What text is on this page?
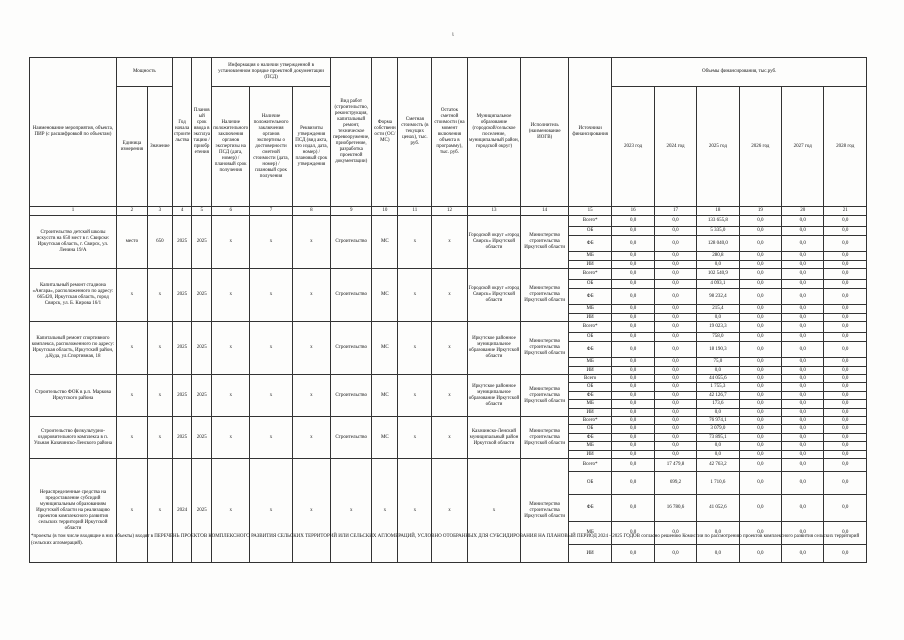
ι
Наименование мероприятия, объекта, ПИР (с расшифровкой по объектам)	Мощность		Год начала строительства	Плановый срок ввода в эксплуатацию / приобретения	Информация о наличии утвержденной в установленном порядке проектной документации (ПСД)			Вид работ (строительство, реконструкция, капитальный ремонт, техническое перевооружение, приобретение, разработка проектной документации)	Форма собственности (ОС/МС)	Сметная стоимость (в текущих ценах), тыс. руб.	Остаток сметной стоимости (на момент включения объекта в программу), тыс. руб.	Муниципальное образование (городской/сельское поселение, муниципальный район, городской округ)	Исполнитель (наименование ИОГВ)	Источники финансирования	Объемы финансирования, тыс.руб.					
	Единица измерения	Значение			Наличие положительного заключения органов экспертизы на ПСД (дата, номер) / плановый срок получения	Наличие положительного заключения органов экспертизы о достоверности сметной стоимости (дата, номер) / плановый срок получения	Реквизиты утверждения ПСД (вид акта, кто издал, дата, номер) / плановый срок утверждения								2023 год	2024 год	2025 год	2026 год	2027 год	2028 год
1	2	3	4	5	6	7	8	9	10	11	12	13	14	15	16	17	18	19	20	21
Строительство детской школы искусств на 650 мест в г. Свирске: Иркутская область, г. Свирск, ул. Ленина 19/А	место	650	2025	2025	x	x	x	Строительство	МС	x	x	Городской округ «город Свирск» Иркутской области	Министерство строительства Иркутской области	Всего*	0,0	0,0	133 655,8	0,0	0,0	0,0
														ОБ	0,0	0,0	5 335,0	0,0	0,0	0,0
														ФБ	0,0	0,0	128 040,0	0,0	0,0	0,0
														МБ	0,0	0,0	280,8	0,0	0,0	0,0
														ИИ	0,0	0,0	0,0	0,0	0,0	0,0
Капитальный ремонт стадиона «Ангара», расположенного по адресу: 665420, Иркутская область, город Свирск, ул. Б. Кирова 16/1	x	x	2025	2025	x	x	x	Строительство	МС	x	x	Городской округ «город Свирск» Иркутской области	Министерство строительства Иркутской области	Всего*	0,0	0,0	102 540,9	0,0	0,0	0,0
														ОБ	0,0	0,0	4 093,1	0,0	0,0	0,0
														ФБ	0,0	0,0	98 232,4	0,0	0,0	0,0
														МБ	0,0	0,0	215,4	0,0	0,0	0,0
														ИИ	0,0	0,0	0,0	0,0	0,0	0,0
Капитальный ремонт спортивного комплекса, расположенного по адресу: Иркутская область, Иркутский район, д.Куда, ул.Спортивная, 18	x	x	2025	2025	x	x	x	Строительство	МС	x	x	Иркутское районное муниципальное образование Иркутской области	Министерство строительства Иркутской области	Всего*	0,0	0,0	19 023,3	0,0	0,0	0,0
														ОБ	0,0	0,0	758,0	0,0	0,0	0,0
														ФБ	0,0	0,0	18 190,3	0,0	0,0	0,0
														МБ	0,0	0,0	75,0	0,0	0,0	0,0
														ИИ	0,0	0,0	0,0	0,0	0,0	0,0
Строительство ФОК в р.п. Маркова Иркутского района	x	x	2025	2025	x	x	x	Строительство	МС	x	x	Иркутское районное муниципальное образование Иркутской области	Министерство строительства Иркутской области	Всего	0,0	0,0	44 055,6	0,0	0,0	0,0
														ОБ	0,0	0,0	1 755,3	0,0	0,0	0,0
														ФБ	0,0	0,0	42 126,7	0,0	0,0	0,0
														МБ	0,0	0,0	173,6	0,0	0,0	0,0
														ИИ	0,0	0,0	0,0	0,0	0,0	0,0
Строительство физкультурно-оздоровительного комплекса в п. Ульнан Казачинско-Ленского района	x	x	2025	2025	x	x	x	Строительство	МС	x	x	Казачинско-Ленский муниципальный район Иркутской области	Министерство строительства Иркутской области	Всего*	0,0	0,0	76 974,1	0,0	0,0	0,0
														ОБ	0,0	0,0	3 079,0	0,0	0,0	0,0
														ФБ	0,0	0,0	73 895,1	0,0	0,0	0,0
														МБ	0,0	0,0	0,0	0,0	0,0	0,0
														ИИ	0,0	0,0	0,0	0,0	0,0	0,0
Нераспределенные средства на предоставление субсидий муниципальным образованиям Иркутской области на реализацию проектов комплексного развития сельских территорий Иркутской области	x	x	2024	2025	x	x	x	x	x	x	x	x	Министерство строительства Иркутской области	Всего*	0,0	17 479,8	42 763,2	0,0	0,0	0,0
														ОБ	0,0	699,2	1 710,6	0,0	0,0	0,0
														ФБ	0,0	16 780,6	41 052,6	0,0	0,0	0,0
														МБ	0,0	0,0	0,0	0,0	0,0	0,0
														ИИ	0,0	0,0	0,0	0,0	0,0	0,0
*проекты (в том числе входящие в них объекты) входят в ПЕРЕЧЕНЬ ПРОЕКТОВ КОМПЛЕКСНОГО РАЗВИТИЯ СЕЛЬСКИХ ТЕРРИТОРИЙ ИЛИ СЕЛЬСКИХ АГЛОМЕРАЦИЙ, УСЛОВНО ОТОБРАННЫХ ДЛЯ СУБСИДИРОВАНИЯ НА ПЛАНОВЫЙ ПЕРИОД 2024 - 2025 ГОДОВ согласно решению Комиссии по рассмотрению проектов комплексного развития сельских территорий (сельских агломераций).
